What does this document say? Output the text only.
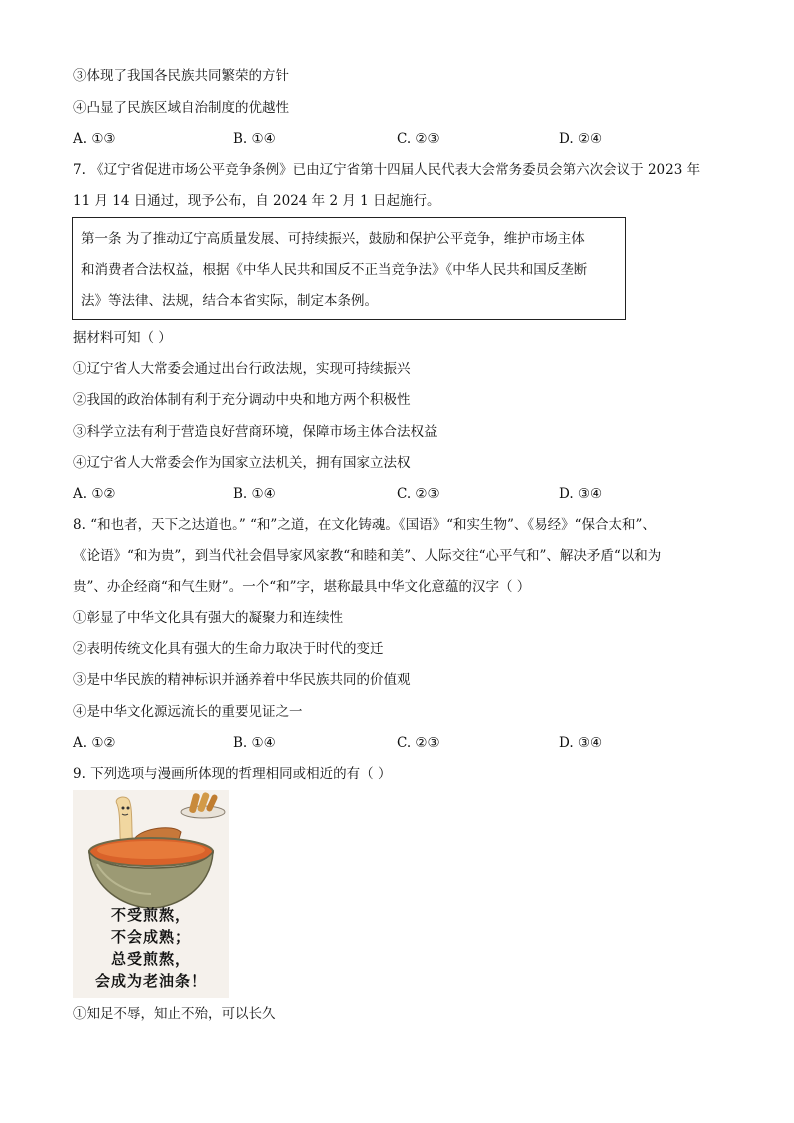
③体现了我国各民族共同繁荣的方针
④凸显了民族区域自治制度的优越性
A. ①③	B. ①④	C. ②③	D. ②④
7. 《辽宁省促进市场公平竞争条例》已由辽宁省第十四届人民代表大会常务委员会第六次会议于 2023 年
11 月 14 日通过，现予公布，自 2024 年 2 月 1 日起施行。
第一条 为了推动辽宁高质量发展、可持续振兴，鼓励和保护公平竞争，维护市场主体
和消费者合法权益，根据《中华人民共和国反不正当竞争法》《中华人民共和国反垄断
法》等法律、法规，结合本省实际，制定本条例。
据材料可知（ ）
①辽宁省人大常委会通过出台行政法规，实现可持续振兴
②我国的政治体制有利于充分调动中央和地方两个积极性
③科学立法有利于营造良好营商环境，保障市场主体合法权益
④辽宁省人大常委会作为国家立法机关，拥有国家立法权
A. ①②	B. ①④	C. ②③	D. ③④
8. “和也者，天下之达道也。” “和”之道，在文化铸魂。《国语》“和实生物”、《易经》“保合太和”、
《论语》“和为贵”，到当代社会倡导家风家教“和睦和美”、人际交往“心平气和”、解决矛盾“以和为
贵”、办企经商“和气生财”。一个“和”字，堪称最具中华文化意蕴的汉字（ ）
①彰显了中华文化具有强大的凝聚力和连续性
②表明传统文化具有强大的生命力取决于时代的变迁
③是中华民族的精神标识并涵养着中华民族共同的价值观
④是中华文化源远流长的重要见证之一
A. ①②	B. ①④	C. ②③	D. ③④
9. 下列选项与漫画所体现的哲理相同或相近的有（ ）
不受煎熬，
不会成熟；
总受煎熬，
会成为老油条！
①知足不辱，知止不殆，可以长久
